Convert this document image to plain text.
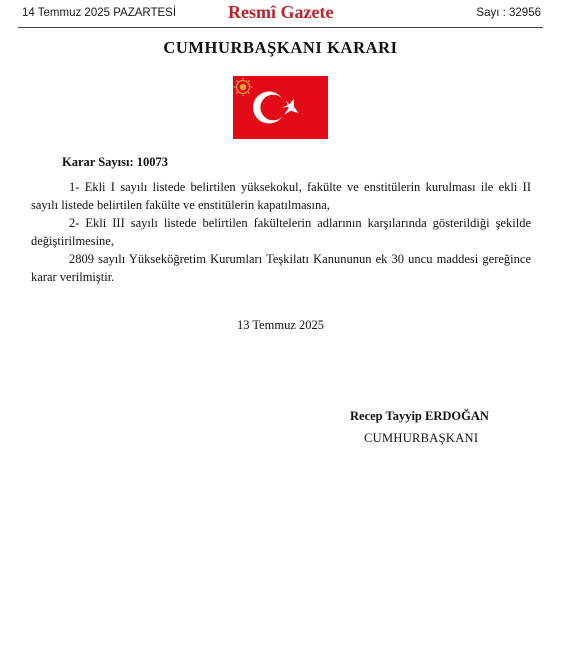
14 Temmuz 2025 PAZARTESİ	Resmî Gazete	Sayı : 32956
CUMHURBAŞKANI KARARI
Karar Sayısı: 10073

1- Ekli I sayılı listede belirtilen yüksekokul, fakülte ve enstitülerin kurulması ile ekli II sayılı listede belirtilen fakülte ve enstitülerin kapatılmasına,

2- Ekli III sayılı listede belirtilen fakültelerin adlarının karşılarında gösterildiği şekilde değiştirilmesine,

2809 sayılı Yükseköğretim Kurumları Teşkilatı Kanununun ek 30 uncu maddesi gereğince karar verilmiştir.

13 Temmuz 2025
Recep Tayyip ERDOĞAN
CUMHURBAŞKANI
